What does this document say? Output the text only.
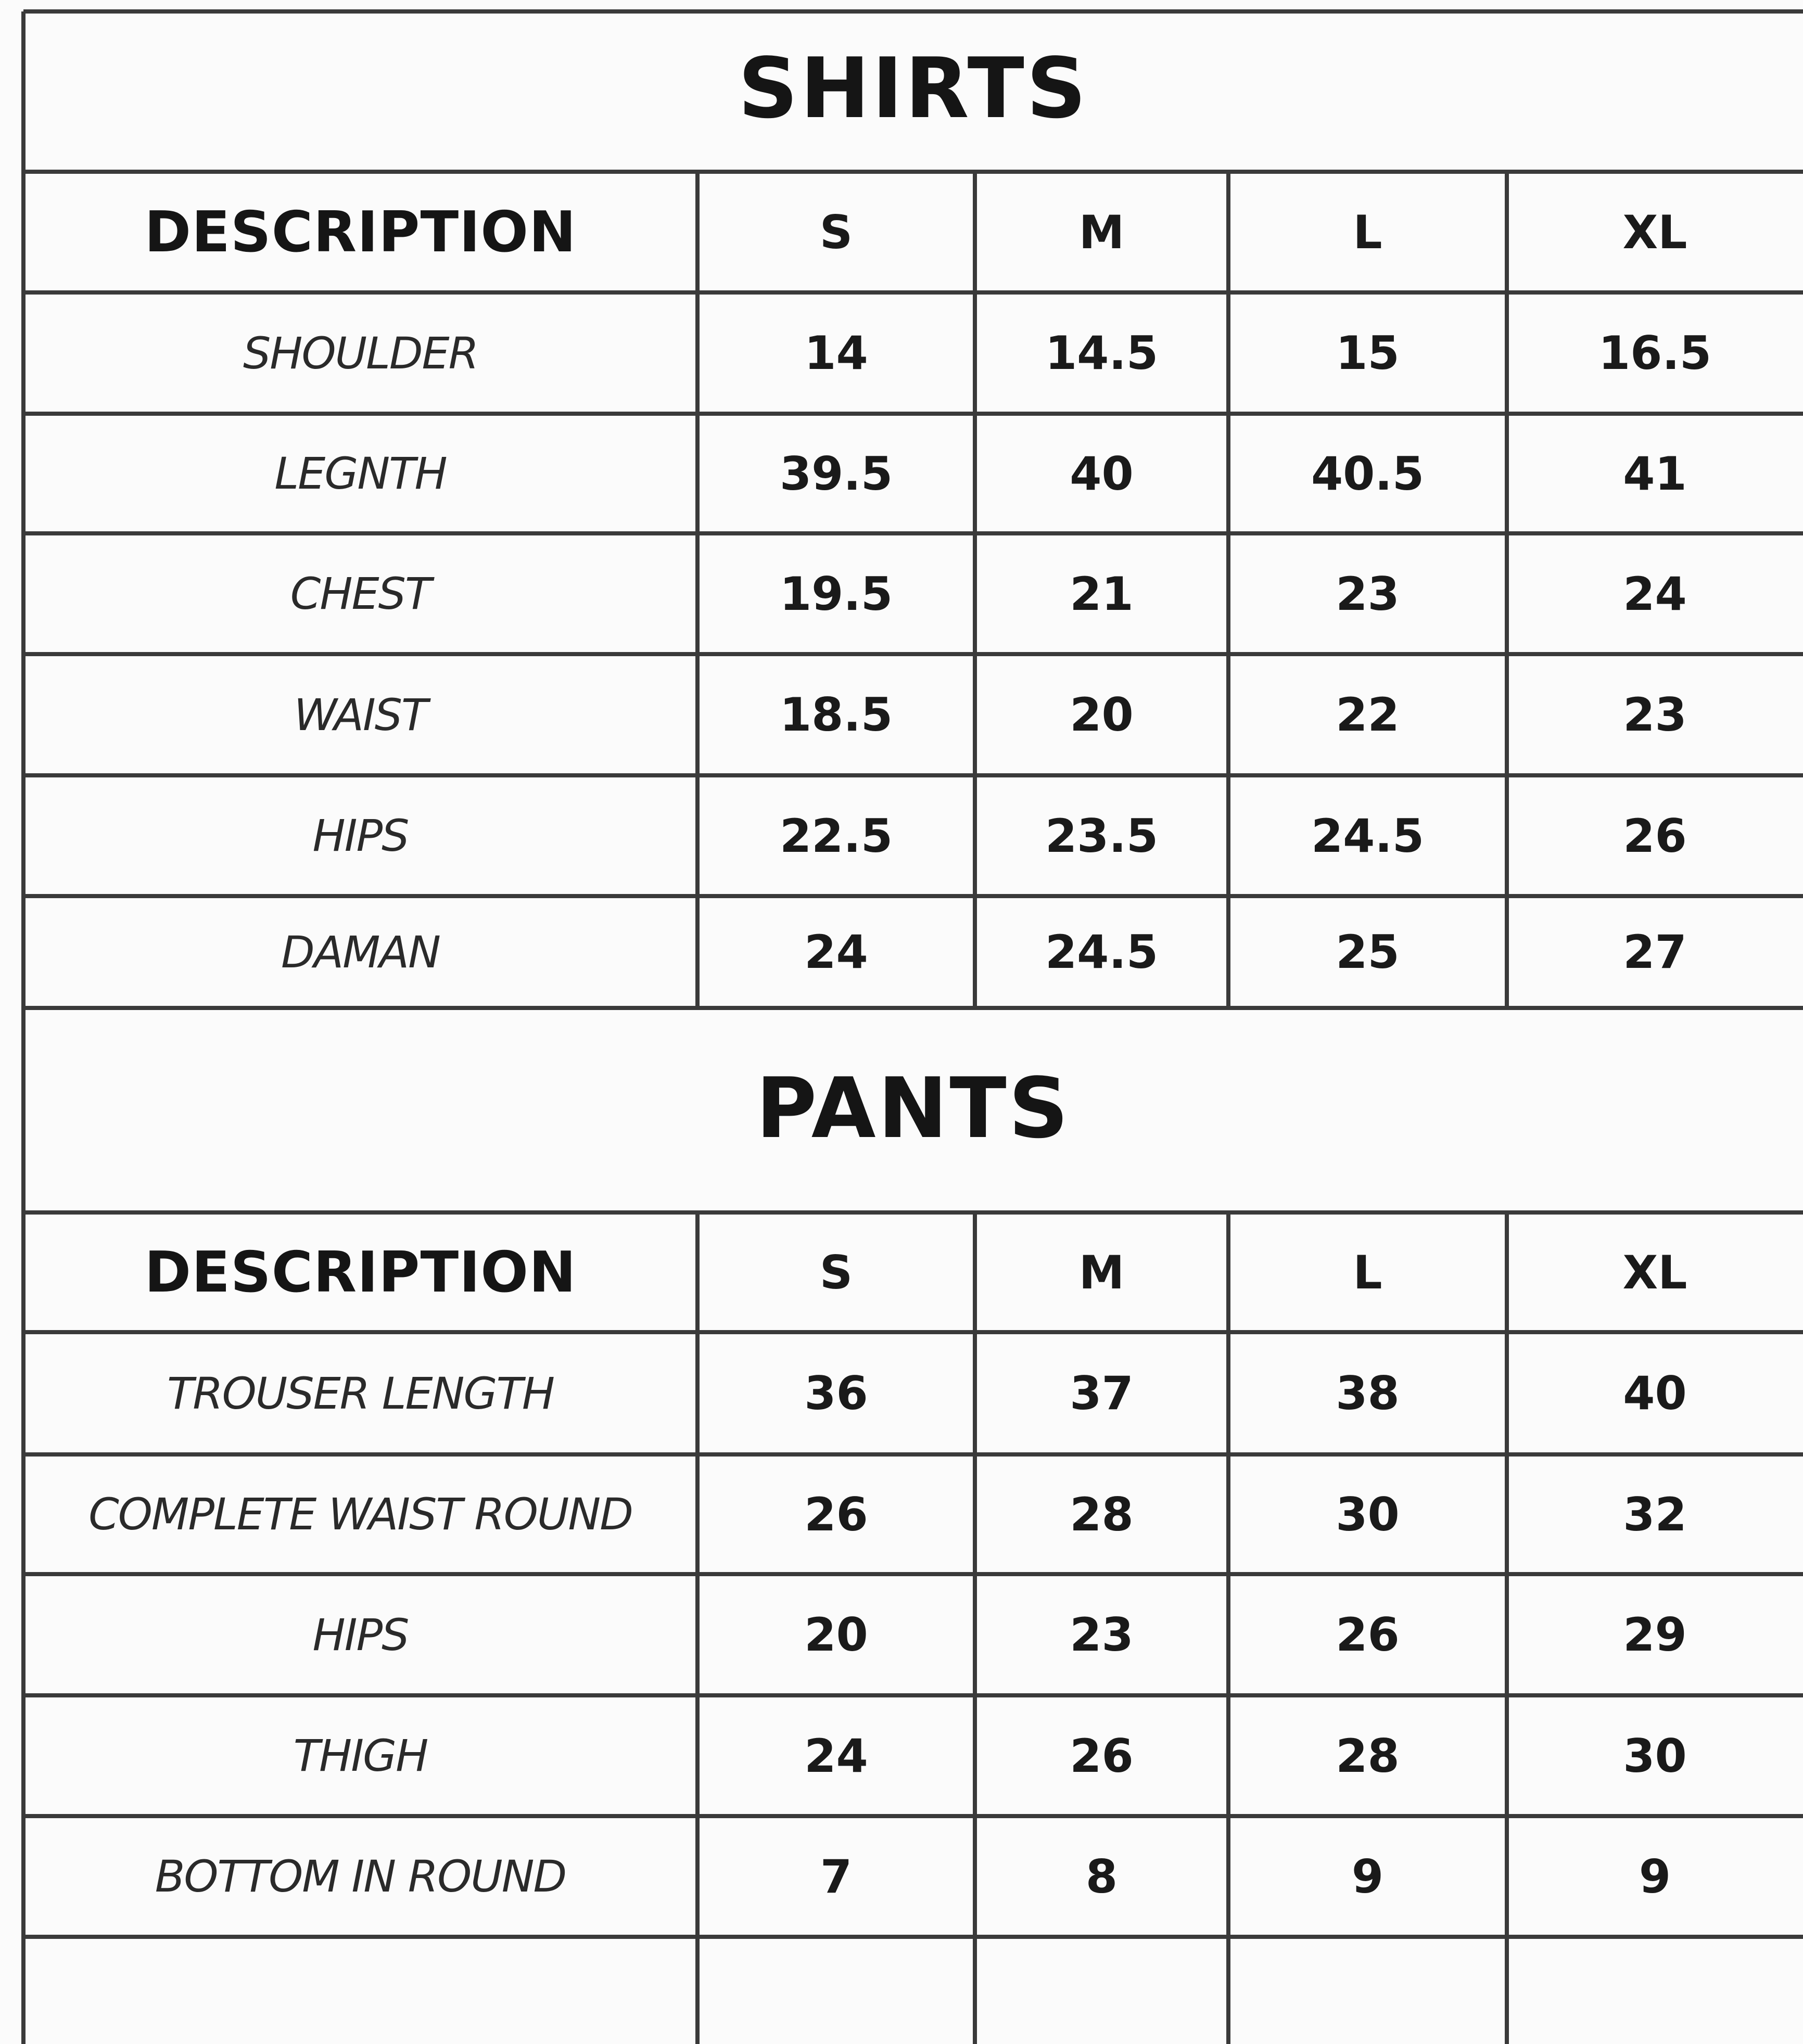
SHIRTS
PANTS
DESCRIPTION	S	M	L	XL
SHOULDER	14	14.5	15	16.5
LEGNTH	39.5	40	40.5	41
CHEST	19.5	21	23	24
WAIST	18.5	20	22	23
HIPS	22.5	23.5	24.5	26
DAMAN	24	24.5	25	27
DESCRIPTION	S	M	L	XL
TROUSER LENGTH	36	37	38	40
COMPLETE WAIST ROUND	26	28	30	32
HIPS	20	23	26	29
THIGH	24	26	28	30
BOTTOM IN ROUND	7	8	9	9
